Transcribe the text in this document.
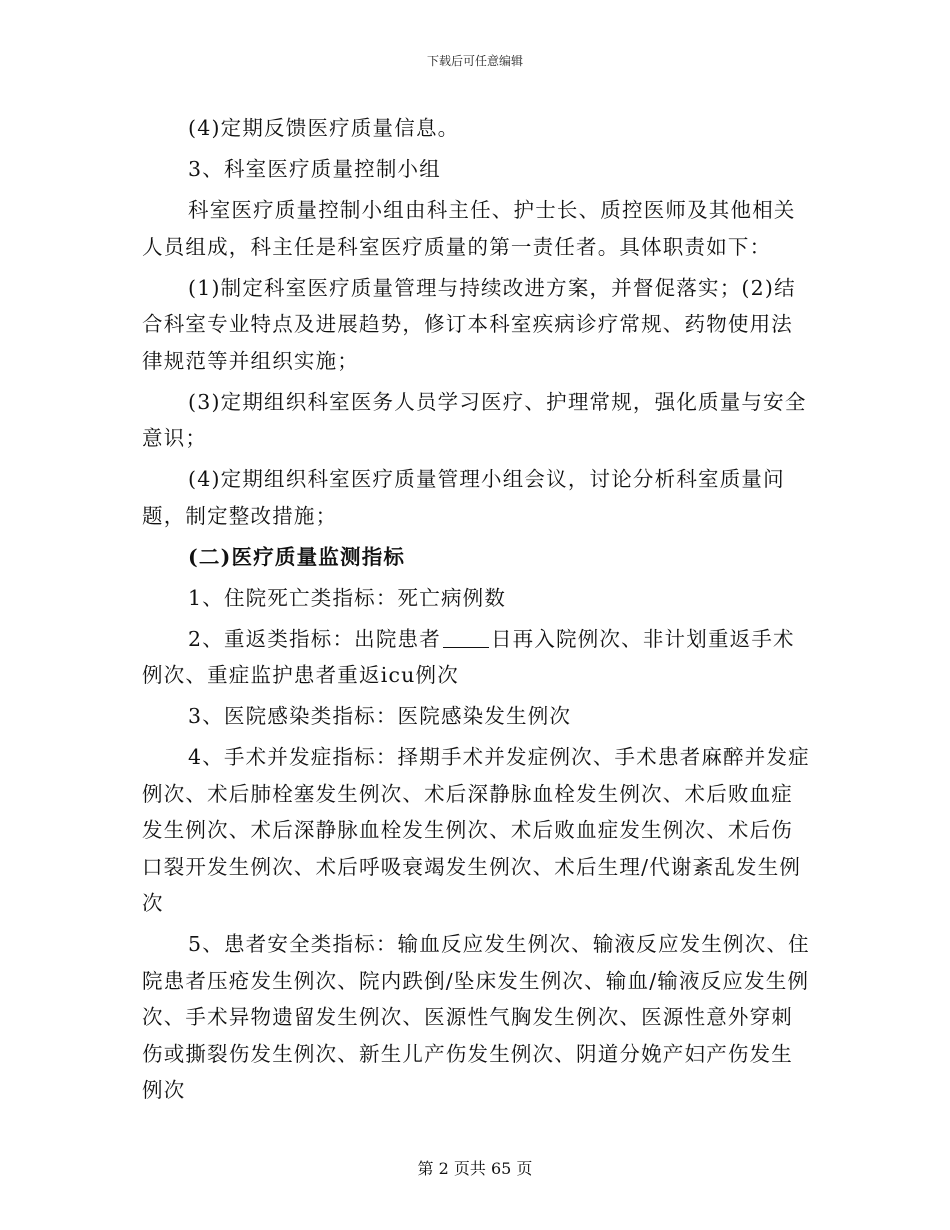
下载后可任意编辑

(4)定期反馈医疗质量信息。

3、科室医疗质量控制小组

科室医疗质量控制小组由科主任、护士长、质控医师及其他相关人员组成，科主任是科室医疗质量的第一责任者。具体职责如下：

(1)制定科室医疗质量管理与持续改进方案，并督促落实；(2)结合科室专业特点及进展趋势，修订本科室疾病诊疗常规、药物使用法律规范等并组织实施；

(3)定期组织科室医务人员学习医疗、护理常规，强化质量与安全意识；

(4)定期组织科室医疗质量管理小组会议，讨论分析科室质量问题，制定整改措施；

(二)医疗质量监测指标

1、住院死亡类指标：死亡病例数

2、重返类指标：出院患者 日再入院例次、非计划重返手术例次、重症监护患者重返icu例次

3、医院感染类指标：医院感染发生例次

4、手术并发症指标：择期手术并发症例次、手术患者麻醉并发症例次、术后肺栓塞发生例次、术后深静脉血栓发生例次、术后败血症发生例次、术后深静脉血栓发生例次、术后败血症发生例次、术后伤口裂开发生例次、术后呼吸衰竭发生例次、术后生理/代谢紊乱发生例次

5、患者安全类指标：输血反应发生例次、输液反应发生例次、住院患者压疮发生例次、院内跌倒/坠床发生例次、输血/输液反应发生例次、手术异物遗留发生例次、医源性气胸发生例次、医源性意外穿刺伤或撕裂伤发生例次、新生儿产伤发生例次、阴道分娩产妇产伤发生例次

第 2 页共 65 页
